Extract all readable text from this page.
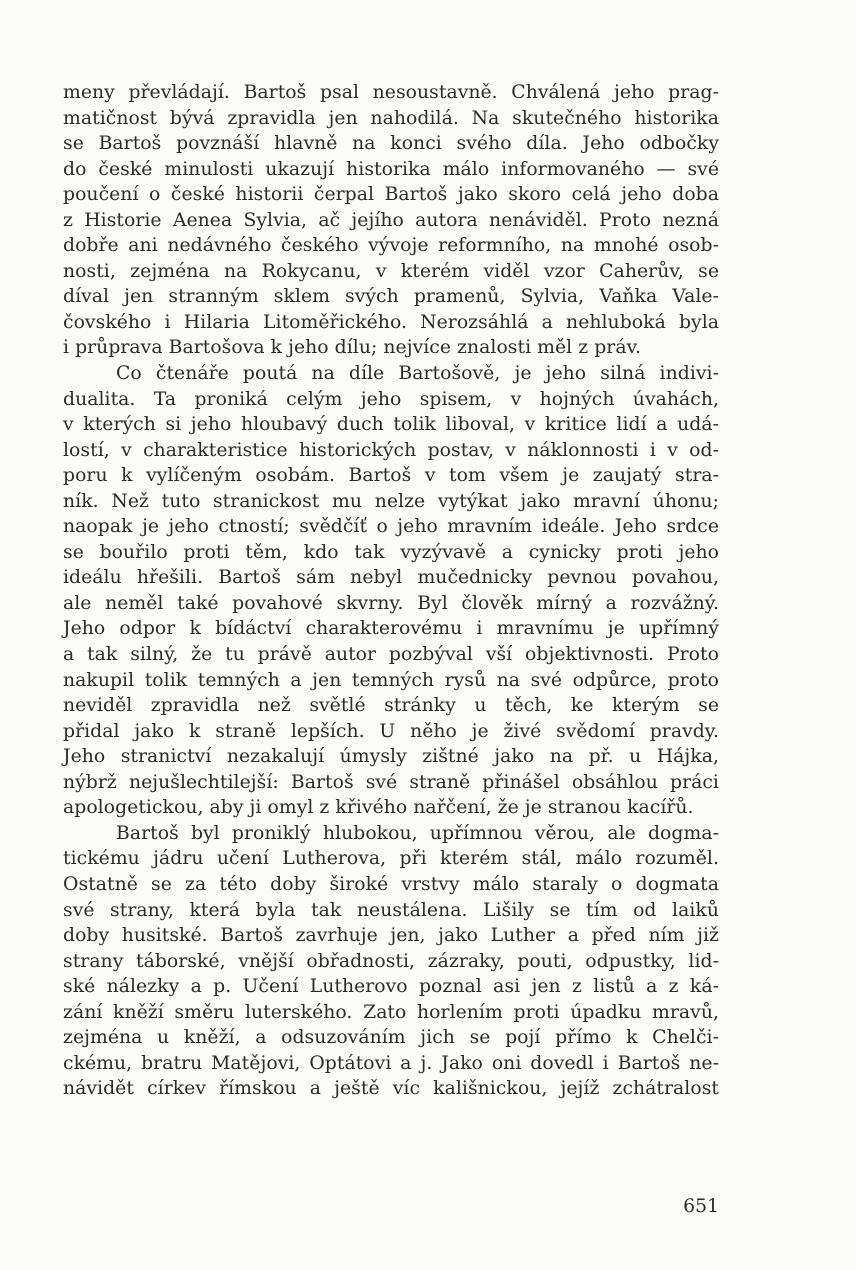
meny převládají. Bartoš psal nesoustavně. Chválená jeho prag-
matičnost bývá zpravidla jen nahodilá. Na skutečného historika
se Bartoš povznáší hlavně na konci svého díla. Jeho odbočky
do české minulosti ukazují historika málo informovaného — své
poučení o české historii čerpal Bartoš jako skoro celá jeho doba
z Historie Aenea Sylvia, ač jejího autora nenáviděl. Proto nezná
dobře ani nedávného českého vývoje reformního, na mnohé osob-
nosti, zejména na Rokycanu, v kterém viděl vzor Caherův, se
díval jen stranným sklem svých pramenů, Sylvia, Vaňka Vale-
čovského i Hilaria Litoměřického. Nerozsáhlá a nehluboká byla
i průprava Bartošova k jeho dílu; nejvíce znalosti měl z práv.
Co čtenáře poutá na díle Bartošově, je jeho silná indivi-
dualita. Ta proniká celým jeho spisem, v hojných úvahách,
v kterých si jeho hloubavý duch tolik liboval, v kritice lidí a udá-
lostí, v charakteristice historických postav, v náklonnosti i v od-
poru k vylíčeným osobám. Bartoš v tom všem je zaujatý stra-
ník. Než tuto stranickost mu nelze vytýkat jako mravní úhonu;
naopak je jeho ctností; svědčíť o jeho mravním ideále. Jeho srdce
se bouřilo proti těm, kdo tak vyzývavě a cynicky proti jeho
ideálu hřešili. Bartoš sám nebyl mučednicky pevnou povahou,
ale neměl také povahové skvrny. Byl člověk mírný a rozvážný.
Jeho odpor k bídáctví charakterovému i mravnímu je upřímný
a tak silný, že tu právě autor pozbýval vší objektivnosti. Proto
nakupil tolik temných a jen temných rysů na své odpůrce, proto
neviděl zpravidla než světlé stránky u těch, ke kterým se
přidal jako k straně lepších. U něho je živé svědomí pravdy.
Jeho stranictví nezakalují úmysly zištné jako na př. u Hájka,
nýbrž nejušlechtilejší: Bartoš své straně přinášel obsáhlou práci
apologetickou, aby ji omyl z křivého nařčení, že je stranou kacířů.
Bartoš byl proniklý hlubokou, upřímnou věrou, ale dogma-
tickému jádru učení Lutherova, při kterém stál, málo rozuměl.
Ostatně se za této doby široké vrstvy málo staraly o dogmata
své strany, která byla tak neustálena. Lišily se tím od laiků
doby husitské. Bartoš zavrhuje jen, jako Luther a před ním již
strany táborské, vnější obřadnosti, zázraky, pouti, odpustky, lid-
ské nálezky a p. Učení Lutherovo poznal asi jen z listů a z ká-
zání kněží směru luterského. Zato horlením proti úpadku mravů,
zejména u kněží, a odsuzováním jich se pojí přímo k Chelči-
ckému, bratru Matějovi, Optátovi a j. Jako oni dovedl i Bartoš ne-
návidět církev římskou a ještě víc kališnickou, jejíž zchátralost
651
